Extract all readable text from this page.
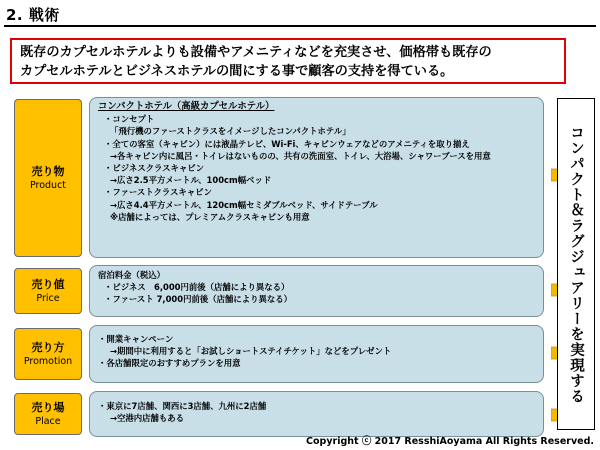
2. 戦術
既存のカプセルホテルよりも設備やアメニティなどを充実させ、価格帯も既存の
カプセルホテルとビジネスホテルの間にする事で顧客の支持を得ている。
売り物
Product
コンパクトホテル（高級カプセルホテル）
・コンセプト
「飛行機のファーストクラスをイメージしたコンパクトホテル」
・全ての客室（キャビン）には液晶テレビ、Wi-Fi、キャビンウェアなどのアメニティを取り揃え
→各キャビン内に風呂・トイレはないものの、共有の洗面室、トイレ、大浴場、シャワーブースを用意
・ビジネスクラスキャビン
→広さ2.5平方メートル、100cm幅ベッド
・ファーストクラスキャビン
→広さ4.4平方メートル、120cm幅セミダブルベッド、サイドテーブル
※店舗によっては、プレミアムクラスキャビンも用意
売り値
Price
宿泊料金（税込）
・ビジネス　6,000円前後（店舗により異なる）
・ファースト 7,000円前後（店舗により異なる）
売り方
Promotion
・開業キャンペーン
→期間中に利用すると「お試しショートステイチケット」などをプレゼント
・各店舗限定のおすすめプランを用意
売り場
Place
・東京に7店舗、関西に3店舗、九州に2店舗
→空港内店舗もある
コンパクト＆ラグジュアリーを実現する
Copyright ⓒ 2017 ResshiAoyama All Rights Reserved.
